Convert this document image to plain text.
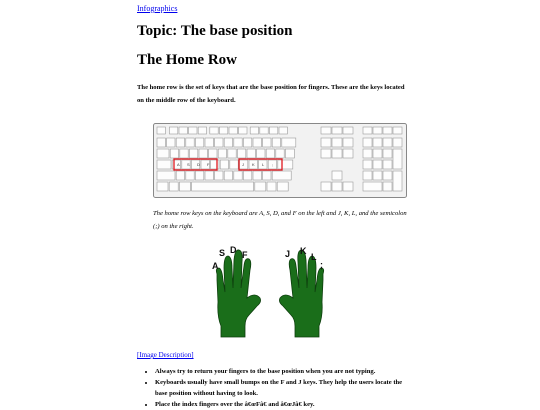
Infographics
Topic: The base position
The Home Row

The home row is the set of keys that are the base position for fingers. These are the keys located on the middle row of the keyboard.

A S D F	J K L ;

The home row keys on the keyboard are A, S, D, and F on the left and J, K, L, and the semicolon (;) on the right.

A
S D F	J K
L
;
[Image Description]
• Always try to return your fingers to the base position when you are not typing.
• Keyboards usually have small bumps on the F and J keys. They help the users locate the base position without having to look.
• Place the index fingers over the â€œFâ€ and â€œJâ€ key.
